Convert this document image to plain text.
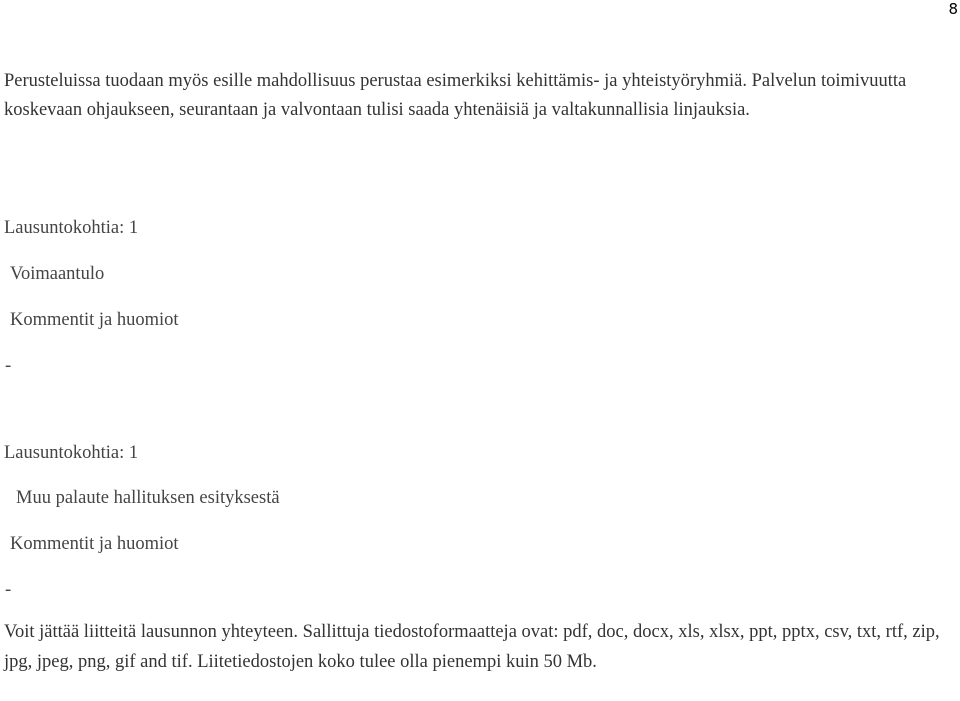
8

Perusteluissa tuodaan myös esille mahdollisuus perustaa esimerkiksi kehittämis- ja yhteistyöryhmiä. Palvelun toimivuutta koskevaan ohjaukseen, seurantaan ja valvontaan tulisi saada yhtenäisiä ja valtakunnallisia linjauksia.

Lausuntokohtia: 1
Voimaantulo
Kommentit ja huomiot
-
Lausuntokohtia: 1
Muu palaute hallituksen esityksestä
Kommentit ja huomiot
-

Voit jättää liitteitä lausunnon yhteyteen. Sallittuja tiedostoformaatteja ovat: pdf, doc, docx, xls, xlsx, ppt, pptx, csv, txt, rtf, zip, jpg, jpeg, png, gif and tif. Liitetiedostojen koko tulee olla pienempi kuin 50 Mb.
